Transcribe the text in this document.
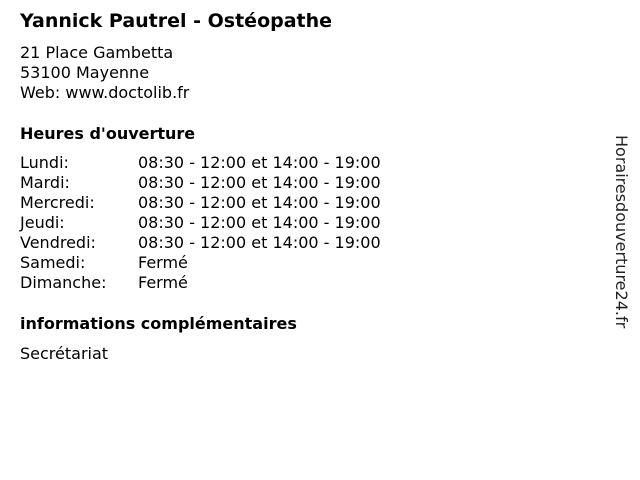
Yannick Pautrel - Ostéopathe
21 Place Gambetta
53100 Mayenne
Web: www.doctolib.fr
Heures d'ouverture
Lundi:	08:30 - 12:00 et 14:00 - 19:00
Mardi:	08:30 - 12:00 et 14:00 - 19:00
Mercredi:	08:30 - 12:00 et 14:00 - 19:00
Jeudi:	08:30 - 12:00 et 14:00 - 19:00
Vendredi:	08:30 - 12:00 et 14:00 - 19:00
Samedi:	Fermé
Dimanche:	Fermé
informations complémentaires
Secrétariat
Horairesdouverture24.fr
